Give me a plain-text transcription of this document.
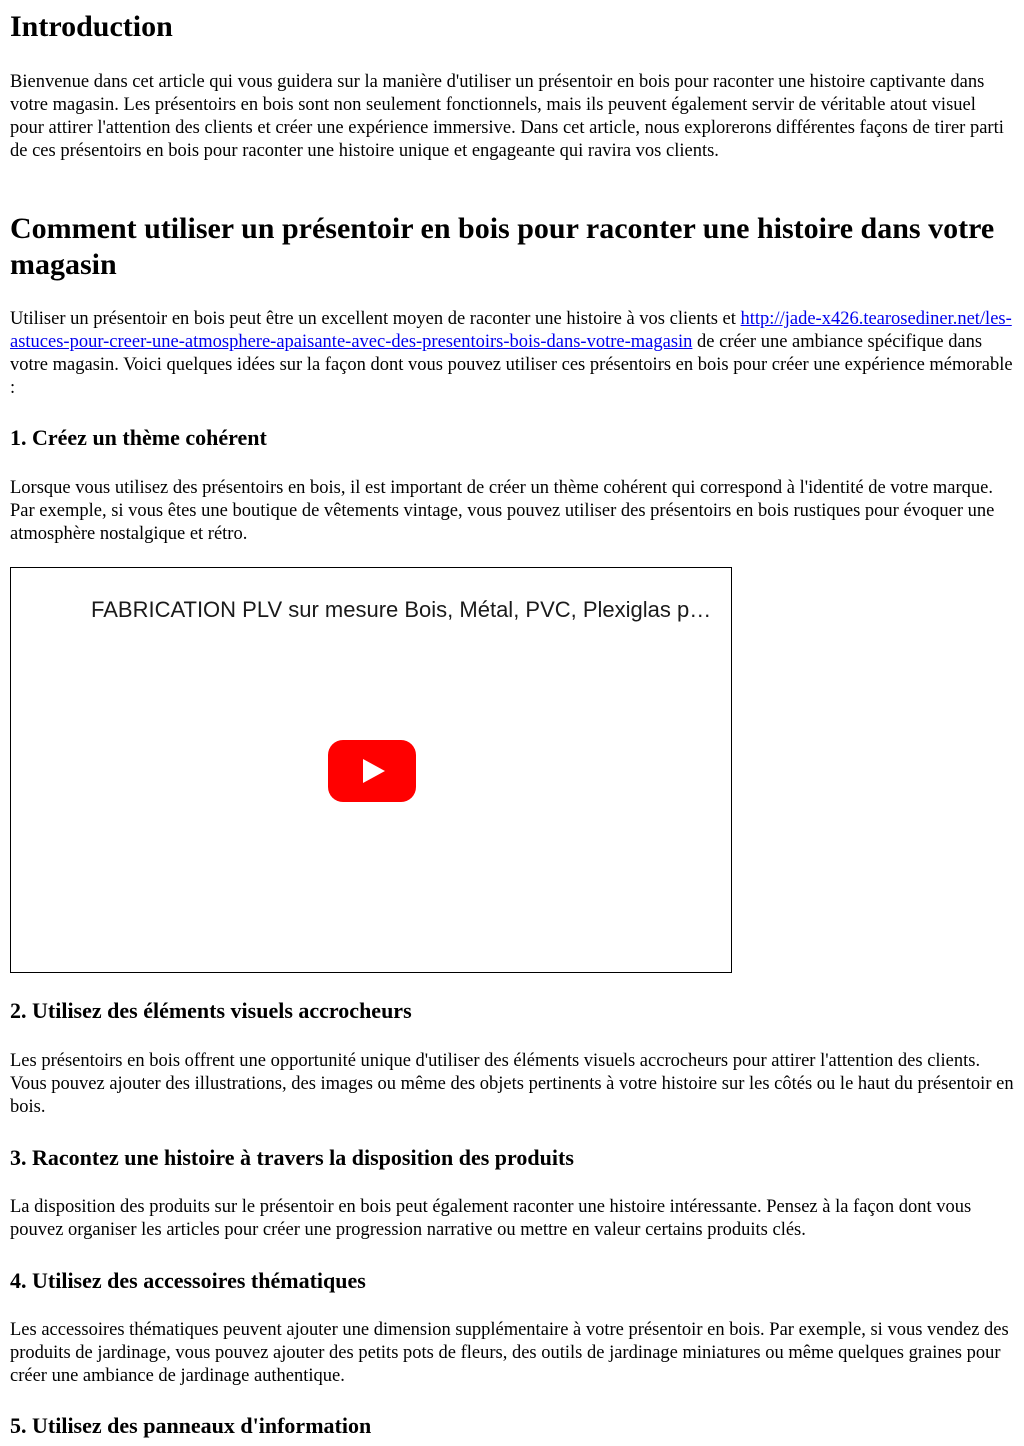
Introduction

Bienvenue dans cet article qui vous guidera sur la manière d'utiliser un présentoir en bois pour raconter une histoire captivante dans votre magasin. Les présentoirs en bois sont non seulement fonctionnels, mais ils peuvent également servir de véritable atout visuel pour attirer l'attention des clients et créer une expérience immersive. Dans cet article, nous explorerons différentes façons de tirer parti de ces présentoirs en bois pour raconter une histoire unique et engageante qui ravira vos clients.

Comment utiliser un présentoir en bois pour raconter une histoire dans votre magasin

Utiliser un présentoir en bois peut être un excellent moyen de raconter une histoire à vos clients et http://jade-x426.tearosediner.net/les-astuces-pour-creer-une-atmosphere-apaisante-avec-des-presentoirs-bois-dans-votre-magasin de créer une ambiance spécifique dans votre magasin. Voici quelques idées sur la façon dont vous pouvez utiliser ces présentoirs en bois pour créer une expérience mémorable :

1. Créez un thème cohérent

Lorsque vous utilisez des présentoirs en bois, il est important de créer un thème cohérent qui correspond à l'identité de votre marque. Par exemple, si vous êtes une boutique de vêtements vintage, vous pouvez utiliser des présentoirs en bois rustiques pour évoquer une atmosphère nostalgique et rétro.

FABRICATION PLV sur mesure Bois, Métal, PVC, Plexiglas p…
2. Utilisez des éléments visuels accrocheurs

Les présentoirs en bois offrent une opportunité unique d'utiliser des éléments visuels accrocheurs pour attirer l'attention des clients. Vous pouvez ajouter des illustrations, des images ou même des objets pertinents à votre histoire sur les côtés ou le haut du présentoir en bois.

3. Racontez une histoire à travers la disposition des produits

La disposition des produits sur le présentoir en bois peut également raconter une histoire intéressante. Pensez à la façon dont vous pouvez organiser les articles pour créer une progression narrative ou mettre en valeur certains produits clés.

4. Utilisez des accessoires thématiques

Les accessoires thématiques peuvent ajouter une dimension supplémentaire à votre présentoir en bois. Par exemple, si vous vendez des produits de jardinage, vous pouvez ajouter des petits pots de fleurs, des outils de jardinage miniatures ou même quelques graines pour créer une ambiance de jardinage authentique.

5. Utilisez des panneaux d'information
